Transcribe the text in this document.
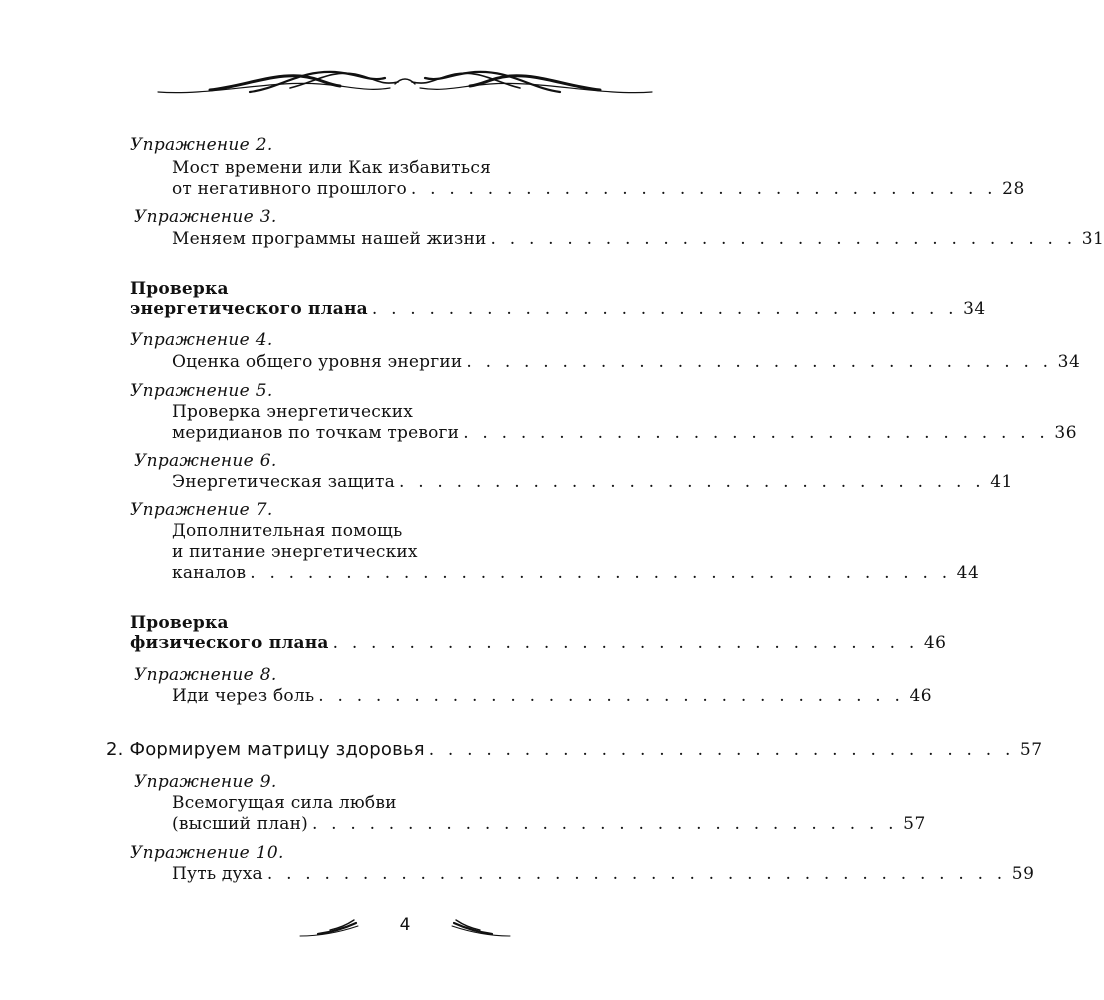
Упражнение 2.
Мост времени или Как избавиться
от негативного прошлого . . . . . . . . . . . . . . . . . . . . . . . . . . . . . . . 28
Упражнение 3.
Меняем программы нашей жизни . . . . . . . . . . . . . . . . . . . . . . . . . . . . . . . 31
Проверка
энергетического плана . . . . . . . . . . . . . . . . . . . . . . . . . . . . . . . 34
Упражнение 4.
Оценка общего уровня энергии . . . . . . . . . . . . . . . . . . . . . . . . . . . . . . . 34
Упражнение 5.
Проверка энергетических
меридианов по точкам тревоги . . . . . . . . . . . . . . . . . . . . . . . . . . . . . . . 36
Упражнение 6.
Энергетическая защита . . . . . . . . . . . . . . . . . . . . . . . . . . . . . . . 41
Упражнение 7.
Дополнительная помощь
и питание энергетических
каналов . . . . . . . . . . . . . . . . . . . . . . . . . . . . . . . . . . . . . 44
Проверка
физического плана . . . . . . . . . . . . . . . . . . . . . . . . . . . . . . . 46
Упражнение 8.
Иди через боль . . . . . . . . . . . . . . . . . . . . . . . . . . . . . . . 46
2. Формируем матрицу здоровья . . . . . . . . . . . . . . . . . . . . . . . . . . . . . . . 57
Упражнение 9.
Всемогущая сила любви
(высший план) . . . . . . . . . . . . . . . . . . . . . . . . . . . . . . . 57
Упражнение 10.
Путь духа . . . . . . . . . . . . . . . . . . . . . . . . . . . . . . . . . . . . . . . 59
4
